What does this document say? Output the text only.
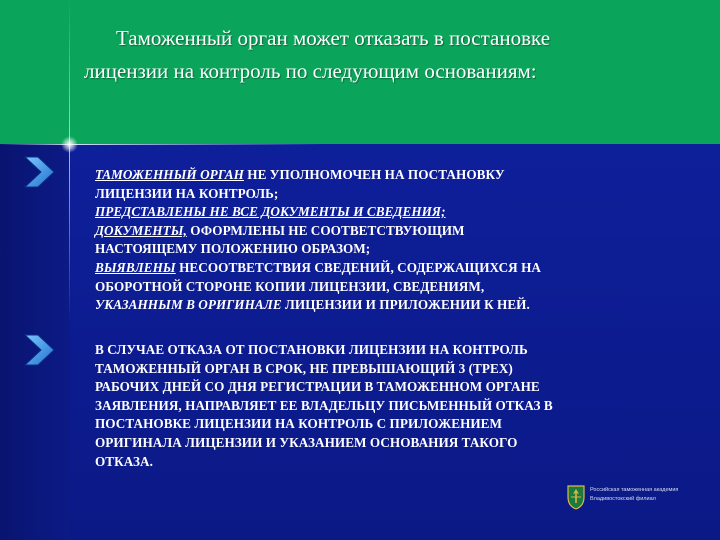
Таможенный орган может отказать в постановке
лицензии на контроль по следующим основаниям:
ТАМОЖЕННЫЙ ОРГАН НЕ УПОЛНОМОЧЕН НА ПОСТАНОВКУ
ЛИЦЕНЗИИ НА КОНТРОЛЬ;
ПРЕДСТАВЛЕНЫ НЕ ВСЕ ДОКУМЕНТЫ И СВЕДЕНИЯ;
ДОКУМЕНТЫ, ОФОРМЛЕНЫ НЕ СООТВЕТСТВУЮЩИМ
НАСТОЯЩЕМУ ПОЛОЖЕНИЮ ОБРАЗОМ;
ВЫЯВЛЕНЫ НЕСООТВЕТСТВИЯ СВЕДЕНИЙ, СОДЕРЖАЩИХСЯ НА
ОБОРОТНОЙ СТОРОНЕ КОПИИ ЛИЦЕНЗИИ, СВЕДЕНИЯМ,
УКАЗАННЫМ В ОРИГИНАЛЕ ЛИЦЕНЗИИ И ПРИЛОЖЕНИИ К НЕЙ.
В СЛУЧАЕ ОТКАЗА ОТ ПОСТАНОВКИ ЛИЦЕНЗИИ НА КОНТРОЛЬ
ТАМОЖЕННЫЙ ОРГАН В СРОК, НЕ ПРЕВЫШАЮЩИЙ 3 (ТРЕХ)
РАБОЧИХ ДНЕЙ СО ДНЯ РЕГИСТРАЦИИ В ТАМОЖЕННОМ ОРГАНЕ
ЗАЯВЛЕНИЯ, НАПРАВЛЯЕТ ЕЕ ВЛАДЕЛЬЦУ ПИСЬМЕННЫЙ ОТКАЗ В
ПОСТАНОВКЕ ЛИЦЕНЗИИ НА КОНТРОЛЬ С ПРИЛОЖЕНИЕМ
ОРИГИНАЛА ЛИЦЕНЗИИ И УКАЗАНИЕМ ОСНОВАНИЯ ТАКОГО
ОТКАЗА.
Российская таможенная академия
Владивостокский филиал
